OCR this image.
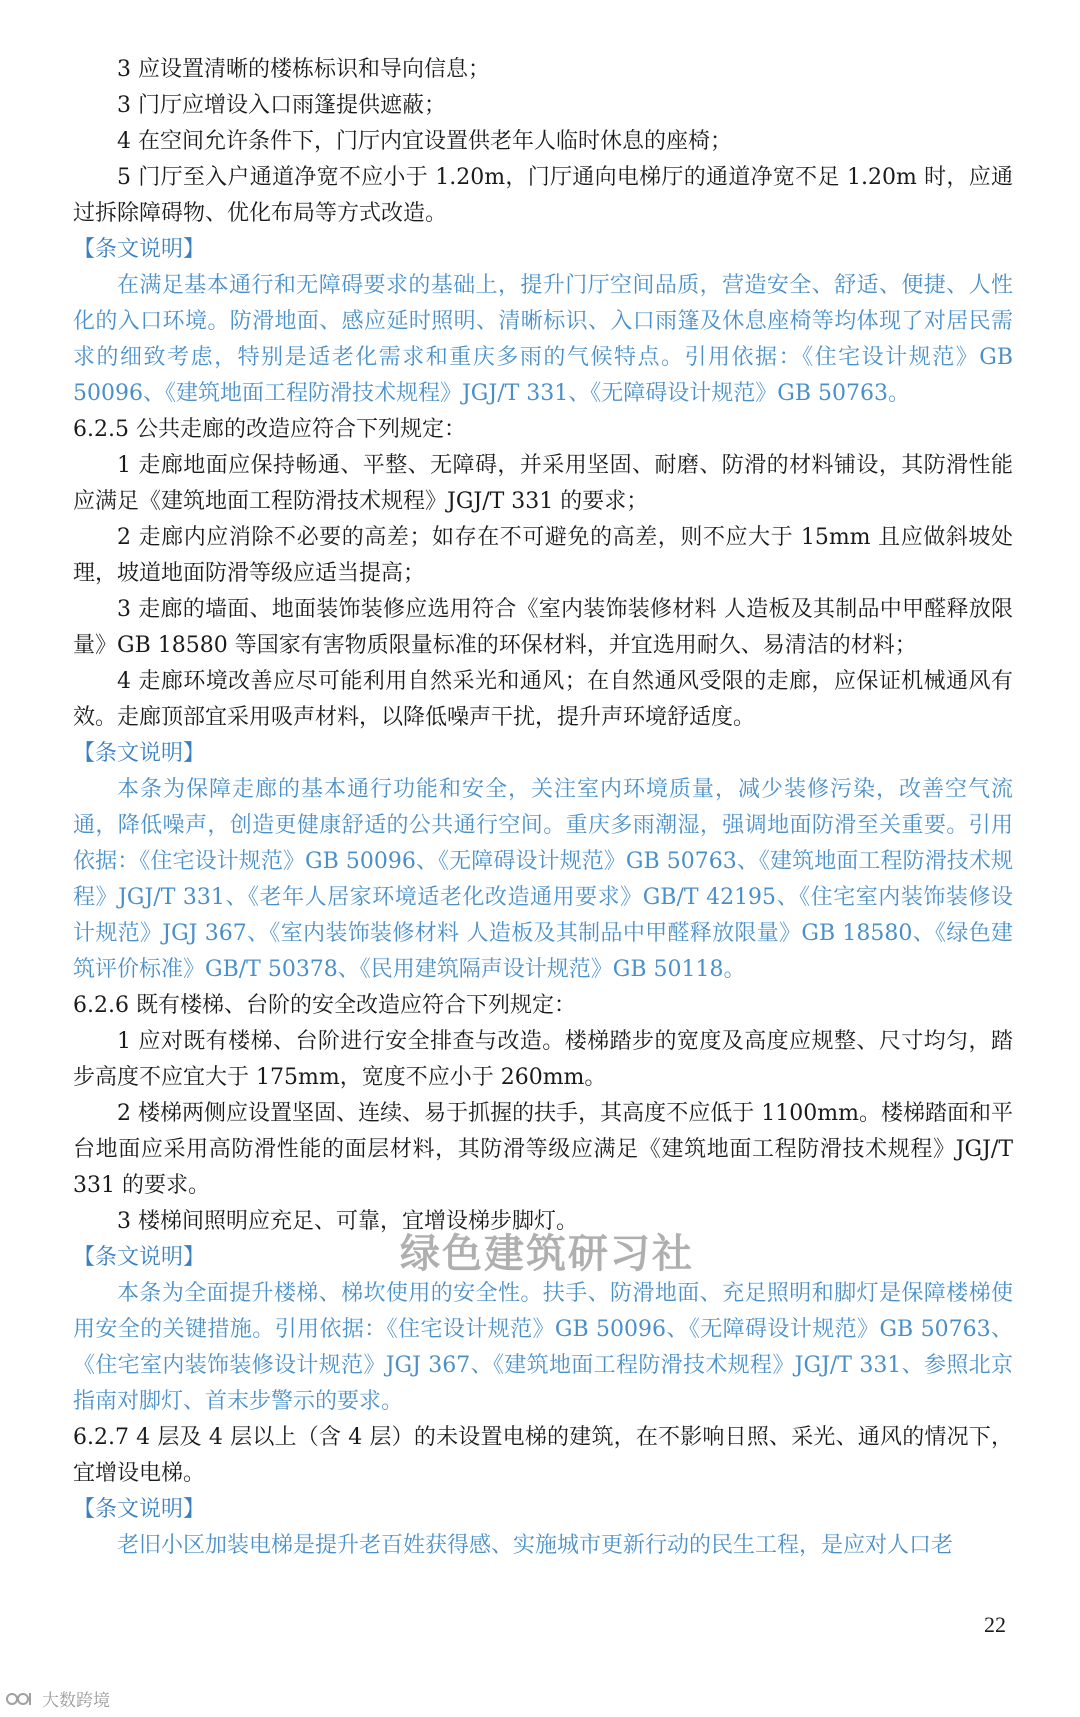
3 应设置清晰的楼栋标识和导向信息；

3 门厅应增设入口雨篷提供遮蔽；

4 在空间允许条件下，门厅内宜设置供老年人临时休息的座椅；

5 门厅至入户通道净宽不应小于 1.20m，门厅通向电梯厅的通道净宽不足 1.20m 时，应通过拆除障碍物、优化布局等方式改造。

【条文说明】

在满足基本通行和无障碍要求的基础上，提升门厅空间品质，营造安全、舒适、便捷、人性化的入口环境。防滑地面、感应延时照明、清晰标识、入口雨篷及休息座椅等均体现了对居民需求的细致考虑，特别是适老化需求和重庆多雨的气候特点。引用依据：《住宅设计规范》GB 50096、《建筑地面工程防滑技术规程》JGJ/T 331、《无障碍设计规范》GB 50763。

6.2.5 公共走廊的改造应符合下列规定：

1 走廊地面应保持畅通、平整、无障碍，并采用坚固、耐磨、防滑的材料铺设，其防滑性能应满足《建筑地面工程防滑技术规程》JGJ/T 331 的要求；

2 走廊内应消除不必要的高差；如存在不可避免的高差，则不应大于 15mm 且应做斜坡处理，坡道地面防滑等级应适当提高；

3 走廊的墙面、地面装饰装修应选用符合《室内装饰装修材料 人造板及其制品中甲醛释放限量》GB 18580 等国家有害物质限量标准的环保材料，并宜选用耐久、易清洁的材料；

4 走廊环境改善应尽可能利用自然采光和通风；在自然通风受限的走廊，应保证机械通风有效。走廊顶部宜采用吸声材料，以降低噪声干扰，提升声环境舒适度。

【条文说明】

本条为保障走廊的基本通行功能和安全，关注室内环境质量，减少装修污染，改善空气流通，降低噪声，创造更健康舒适的公共通行空间。重庆多雨潮湿，强调地面防滑至关重要。引用依据：《住宅设计规范》GB 50096、《无障碍设计规范》GB 50763、《建筑地面工程防滑技术规程》JGJ/T 331、《老年人居家环境适老化改造通用要求》GB/T 42195、《住宅室内装饰装修设计规范》JGJ 367、《室内装饰装修材料 人造板及其制品中甲醛释放限量》GB 18580、《绿色建筑评价标准》GB/T 50378、《民用建筑隔声设计规范》GB 50118。

6.2.6 既有楼梯、台阶的安全改造应符合下列规定：

1 应对既有楼梯、台阶进行安全排查与改造。楼梯踏步的宽度及高度应规整、尺寸均匀，踏步高度不应宜大于 175mm，宽度不应小于 260mm。

2 楼梯两侧应设置坚固、连续、易于抓握的扶手，其高度不应低于 1100mm。楼梯踏面和平台地面应采用高防滑性能的面层材料，其防滑等级应满足《建筑地面工程防滑技术规程》JGJ/T 331 的要求。

3 楼梯间照明应充足、可靠，宜增设梯步脚灯。

【条文说明】

本条为全面提升楼梯、梯坎使用的安全性。扶手、防滑地面、充足照明和脚灯是保障楼梯使用安全的关键措施。引用依据：《住宅设计规范》GB 50096、《无障碍设计规范》GB 50763、《住宅室内装饰装修设计规范》JGJ 367、《建筑地面工程防滑技术规程》JGJ/T 331、参照北京指南对脚灯、首末步警示的要求。

6.2.7 4 层及 4 层以上（含 4 层）的未设置电梯的建筑，在不影响日照、采光、通风的情况下，宜增设电梯。

【条文说明】

老旧小区加装电梯是提升老百姓获得感、实施城市更新行动的民生工程，是应对人口老

绿色建筑研习社
22
大数跨境
